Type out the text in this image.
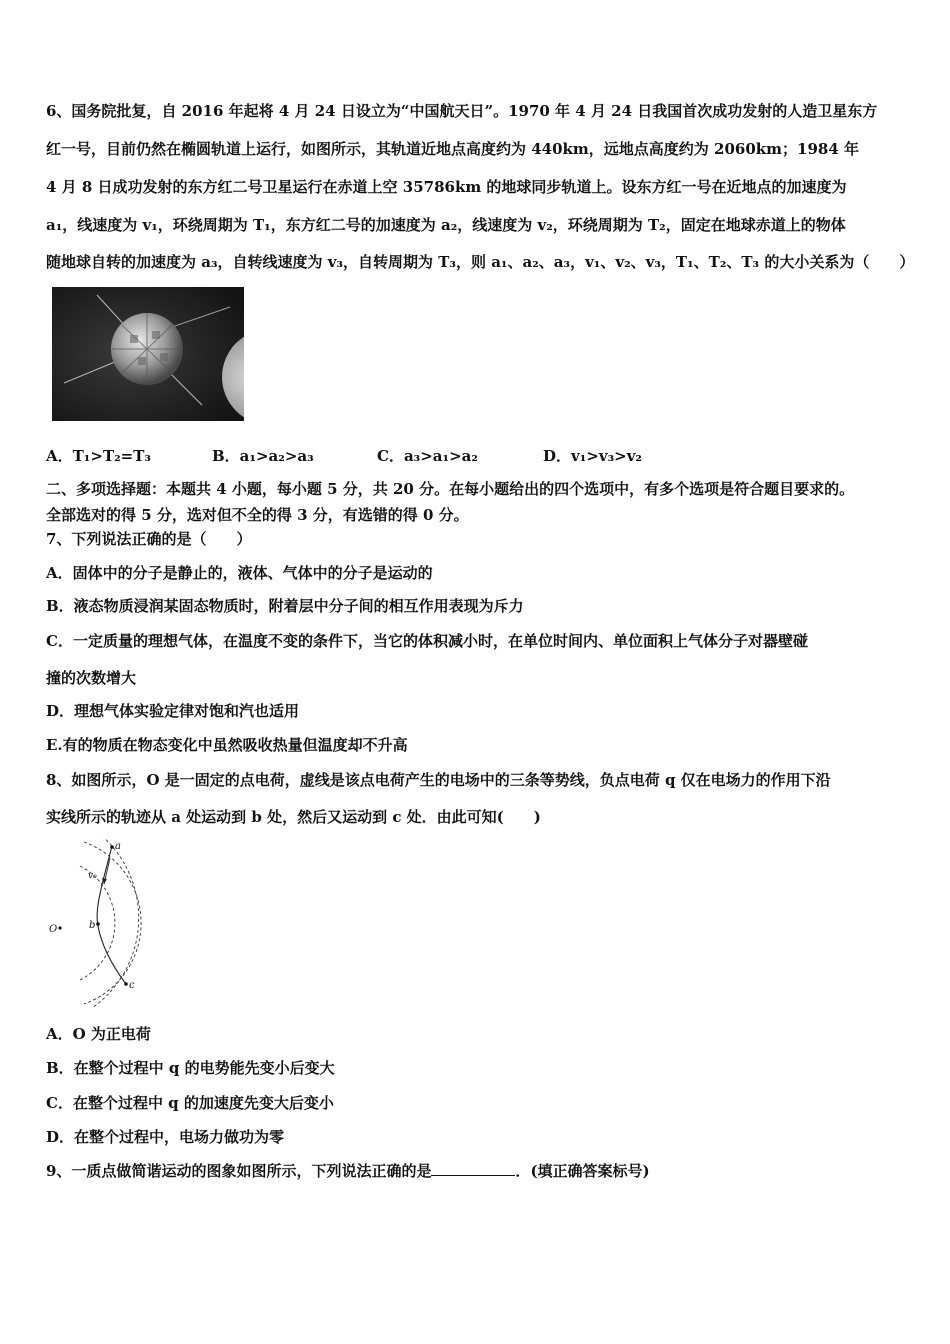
6、国务院批复，自 2016 年起将 4 月 24 日设立为“中国航天日”。1970 年 4 月 24 日我国首次成功发射的人造卫星东方
红一号，目前仍然在椭圆轨道上运行，如图所示，其轨道近地点高度约为 440km，远地点高度约为 2060km；1984 年
4 月 8 日成功发射的东方红二号卫星运行在赤道上空 35786km 的地球同步轨道上。设东方红一号在近地点的加速度为
a₁，线速度为 v₁，环绕周期为 T₁，东方红二号的加速度为 a₂，线速度为 v₂，环绕周期为 T₂，固定在地球赤道上的物体
随地球自转的加速度为 a₃，自转线速度为 v₃，自转周期为 T₃，则 a₁、a₂、a₃，v₁、v₂、v₃，T₁、T₂、T₃ 的大小关系为（　　）
A．T₁>T₂=T₃	B．a₁>a₂>a₃	C．a₃>a₁>a₂	D．v₁>v₃>v₂
二、多项选择题：本题共 4 小题，每小题 5 分，共 20 分。在每小题给出的四个选项中，有多个选项是符合题目要求的。
全部选对的得 5 分，选对但不全的得 3 分，有选错的得 0 分。
7、下列说法正确的是（　　）
A．固体中的分子是静止的，液体、气体中的分子是运动的
B．液态物质浸润某固态物质时，附着层中分子间的相互作用表现为斥力
C．一定质量的理想气体，在温度不变的条件下，当它的体积减小时，在单位时间内、单位面积上气体分子对器壁碰
撞的次数增大
D．理想气体实验定律对饱和汽也适用
E.有的物质在物态变化中虽然吸收热量但温度却不升高
8、如图所示，O 是一固定的点电荷，虚线是该点电荷产生的电场中的三条等势线，负点电荷 q 仅在电场力的作用下沿
实线所示的轨迹从 a 处运动到 b 处，然后又运动到 c 处．由此可知(　　)
a
v₀
b
c
O
A．O 为正电荷
B．在整个过程中 q 的电势能先变小后变大
C．在整个过程中 q 的加速度先变大后变小
D．在整个过程中，电场力做功为零
9、一质点做简谐运动的图象如图所示，下列说法正确的是	．(填正确答案标号)
